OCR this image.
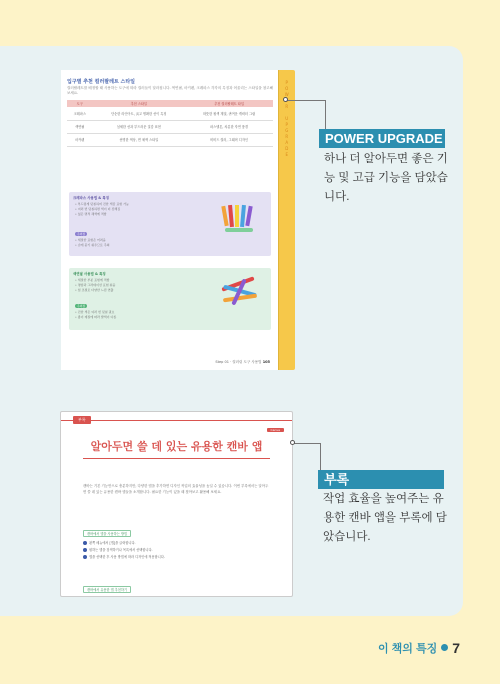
입구별 추천 컬러팔레트 스타일
컬러팔레트를 배정할 때 사용하는 도구에 따라 컬러들이 달라집니다. 색연필, 마커펜, 크레파스 각각의 특징과 어울리는 스타일을 참고해보세요.
도구	추천 스타일	추천 컬러팔레트 타입
크레파스	단순한 라인아트, 굵고 명확한 선이 특징	따뜻한 원색 계열, 귀여운 캐릭터 그림
색연필	섬세한 선과 부드러운 질감 표현	파스텔톤, 차분한 자연 풍경
마커펜	선명한 색상, 면 채색 스타일	비비드 컬러, 그래픽 디자인
크레파스 사용법 & 특징
• 부드럽게 덧칠하며 진한 색감 표현 가능
• 여러 번 덧칠하면 색이 더 진해짐
• 넓은 면적 채색에 적합
주의점
• 세밀한 표현은 어려움
• 손에 묻기 쉬우므로 주의
색연필 사용법 & 특징
• 세밀한 부분 표현에 적합
• 명암과 그라데이션 표현 쉬움
• 힘 조절로 다양한 느낌 연출
주의점
• 진한 색은 여러 번 덧칠 필요
• 종이 재질에 따라 발색이 다름
Step 01 · 컬러링 도구 사용법 105
P
O
W
R

U
P
G
R
A
D
E
POWER UPGRADE
하나 더 알아두면 좋은 기능 및 고급 기능을 담았습니다.
부록
Canva
알아두면 쓸 데 있는 유용한 캔바 앱
캔바는 기본 기능만으로 충분하지만, 다양한 앱을 추가하면 디자인 작업의 효율성을 높일 수 있습니다. 이번 부록에서는 알아두면 쓸 데 있는 유용한 캔바 앱들을 소개합니다. 필요한 기능이 있을 때 찾아보고 활용해 보세요.
캔바에서 앱을 사용하는 방법
왼쪽 메뉴에서 [앱]을 클릭합니다.
원하는 앱을 검색하거나 목록에서 선택합니다.
앱을 선택한 후 사용 방법에 따라 디자인에 적용합니다.
캔바에서 유용한 앱 추천하기
부록
작업 효율을 높여주는 유용한 캔바 앱을 부록에 담았습니다.
이 책의 특징 7
